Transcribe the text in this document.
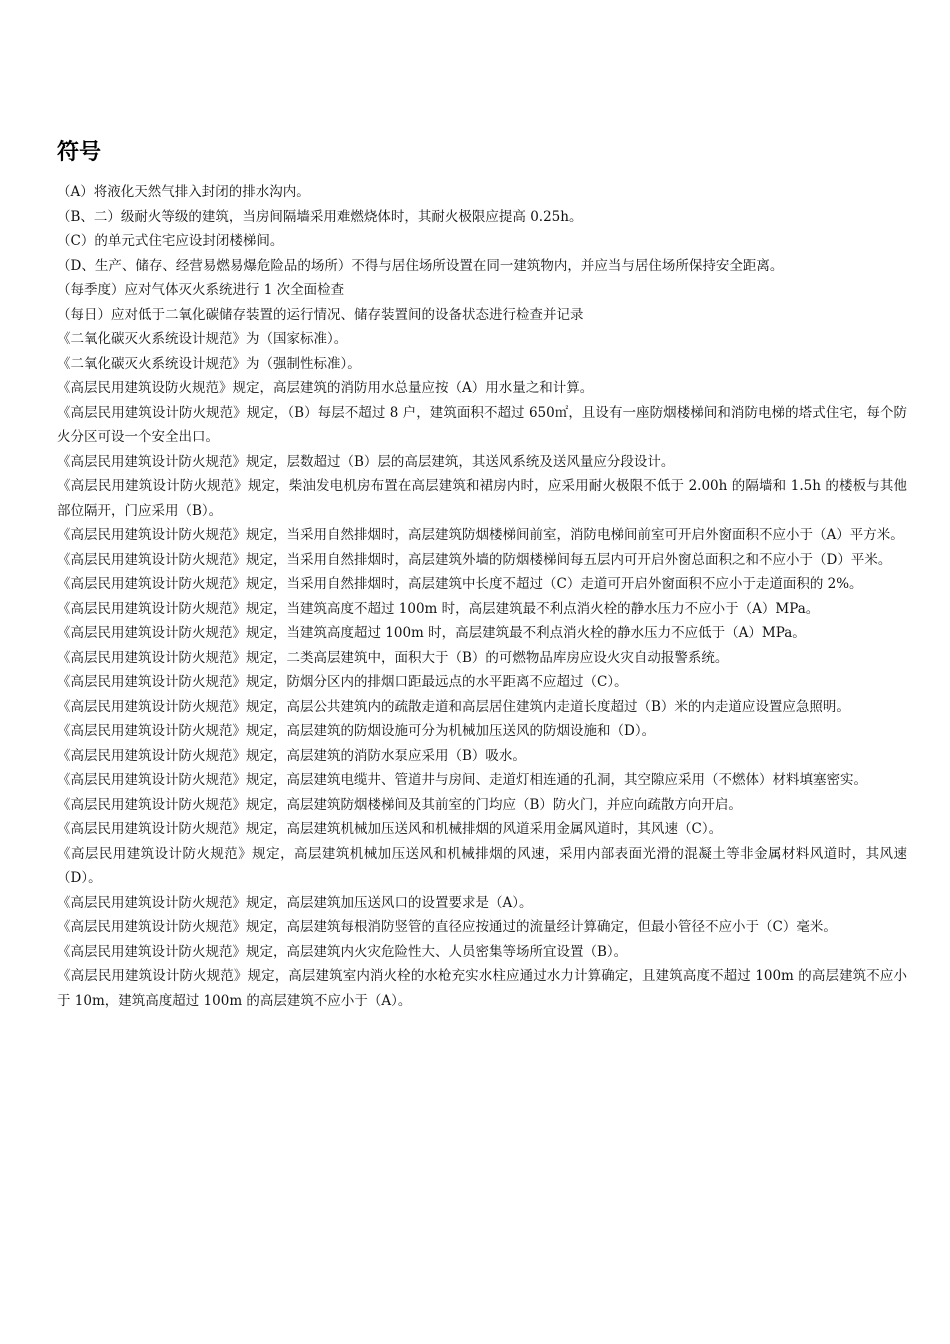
符号

（A）将液化天然气排入封闭的排水沟内。

（B、二）级耐火等级的建筑，当房间隔墙采用难燃烧体时，其耐火极限应提高 0.25h。

（C）的单元式住宅应设封闭楼梯间。

（D、生产、储存、经营易燃易爆危险品的场所）不得与居住场所设置在同一建筑物内，并应当与居住场所保持安全距离。

（每季度）应对气体灭火系统进行 1 次全面检查

（每日）应对低于二氧化碳储存装置的运行情况、储存装置间的设备状态进行检查并记录

《二氧化碳灭火系统设计规范》为（国家标准）。

《二氧化碳灭火系统设计规范》为（强制性标准）。

《高层民用建筑设防火规范》规定，高层建筑的消防用水总量应按（A）用水量之和计算。

《高层民用建筑设计防火规范》规定，（B）每层不超过 8 户，建筑面积不超过 650㎡，且设有一座防烟楼梯间和消防电梯的塔式住宅，每个防火分区可设一个安全出口。

《高层民用建筑设计防火规范》规定，层数超过（B）层的高层建筑，其送风系统及送风量应分段设计。

《高层民用建筑设计防火规范》规定，柴油发电机房布置在高层建筑和裙房内时，应采用耐火极限不低于 2.00h 的隔墙和 1.5h 的楼板与其他部位隔开，门应采用（B）。

《高层民用建筑设计防火规范》规定，当采用自然排烟时，高层建筑防烟楼梯间前室，消防电梯间前室可开启外窗面积不应小于（A）平方米。

《高层民用建筑设计防火规范》规定，当采用自然排烟时，高层建筑外墙的防烟楼梯间每五层内可开启外窗总面积之和不应小于（D）平米。

《高层民用建筑设计防火规范》规定，当采用自然排烟时，高层建筑中长度不超过（C）走道可开启外窗面积不应小于走道面积的 2%。

《高层民用建筑设计防火规范》规定，当建筑高度不超过 100m 时，高层建筑最不利点消火栓的静水压力不应小于（A）MPa。

《高层民用建筑设计防火规范》规定，当建筑高度超过 100m 时，高层建筑最不利点消火栓的静水压力不应低于（A）MPa。

《高层民用建筑设计防火规范》规定，二类高层建筑中，面积大于（B）的可燃物品库房应设火灾自动报警系统。

《高层民用建筑设计防火规范》规定，防烟分区内的排烟口距最远点的水平距离不应超过（C）。

《高层民用建筑设计防火规范》规定，高层公共建筑内的疏散走道和高层居住建筑内走道长度超过（B）米的内走道应设置应急照明。

《高层民用建筑设计防火规范》规定，高层建筑的防烟设施可分为机械加压送风的防烟设施和（D）。

《高层民用建筑设计防火规范》规定，高层建筑的消防水泵应采用（B）吸水。

《高层民用建筑设计防火规范》规定，高层建筑电缆井、管道井与房间、走道灯相连通的孔洞，其空隙应采用（不燃体）材料填塞密实。

《高层民用建筑设计防火规范》规定，高层建筑防烟楼梯间及其前室的门均应（B）防火门，并应向疏散方向开启。

《高层民用建筑设计防火规范》规定，高层建筑机械加压送风和机械排烟的风道采用金属风道时，其风速（C）。

《高层民用建筑设计防火规范》规定，高层建筑机械加压送风和机械排烟的风速，采用内部表面光滑的混凝土等非金属材料风道时，其风速（D）。

《高层民用建筑设计防火规范》规定，高层建筑加压送风口的设置要求是（A）。

《高层民用建筑设计防火规范》规定，高层建筑每根消防竖管的直径应按通过的流量经计算确定，但最小管径不应小于（C）毫米。

《高层民用建筑设计防火规范》规定，高层建筑内火灾危险性大、人员密集等场所宜设置（B）。

《高层民用建筑设计防火规范》规定，高层建筑室内消火栓的水枪充实水柱应通过水力计算确定，且建筑高度不超过 100m 的高层建筑不应小于 10m，建筑高度超过 100m 的高层建筑不应小于（A）。
